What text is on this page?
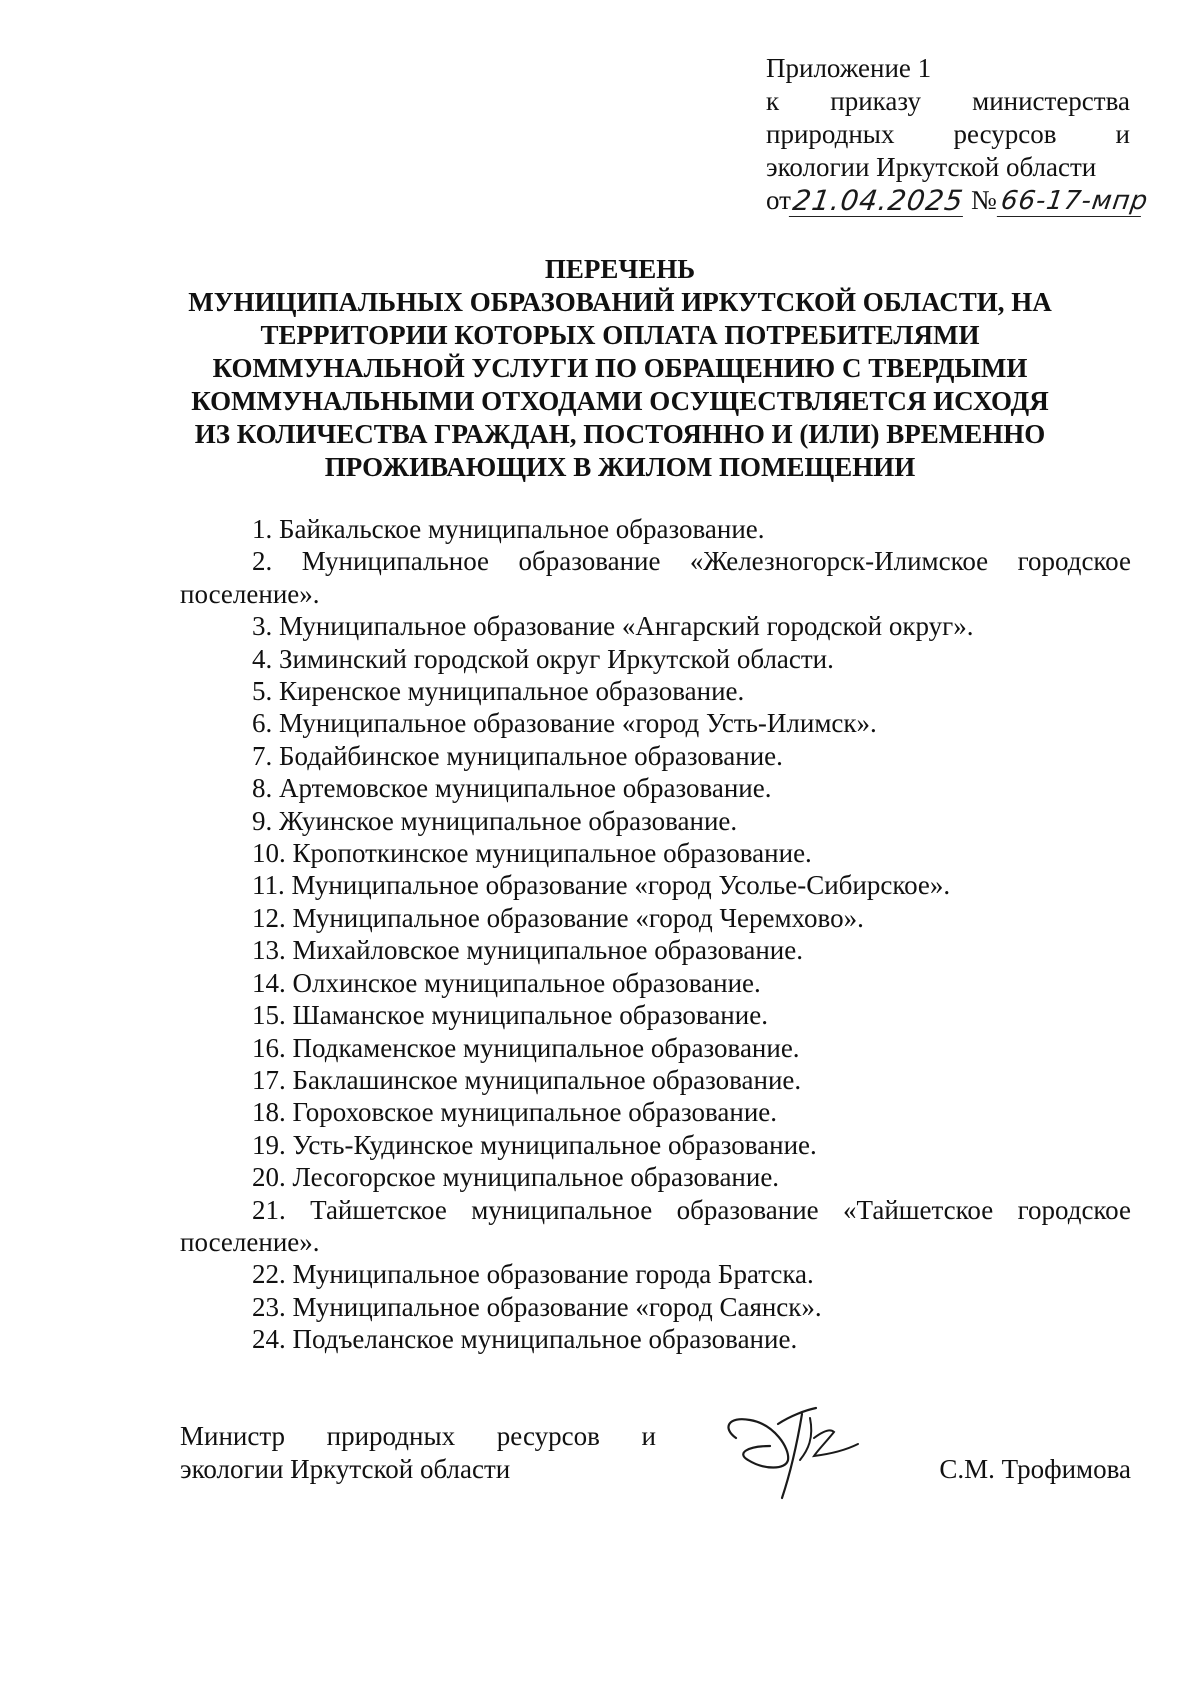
Приложение 1
к приказу министерства
природных ресурсов и
экологии Иркутской области
от 21.04.2025 № 66-17-мпр
ПЕРЕЧЕНЬ
МУНИЦИПАЛЬНЫХ ОБРАЗОВАНИЙ ИРКУТСКОЙ ОБЛАСТИ, НА
ТЕРРИТОРИИ КОТОРЫХ ОПЛАТА ПОТРЕБИТЕЛЯМИ
КОММУНАЛЬНОЙ УСЛУГИ ПО ОБРАЩЕНИЮ С ТВЕРДЫМИ
КОММУНАЛЬНЫМИ ОТХОДАМИ ОСУЩЕСТВЛЯЕТСЯ ИСХОДЯ
ИЗ КОЛИЧЕСТВА ГРАЖДАН, ПОСТОЯННО И (ИЛИ) ВРЕМЕННО
ПРОЖИВАЮЩИХ В ЖИЛОМ ПОМЕЩЕНИИ
1. Байкальское муниципальное образование.
2. Муниципальное образование «Железногорск-Илимское городское поселение».
3. Муниципальное образование «Ангарский городской округ».
4. Зиминский городской округ Иркутской области.
5. Киренское муниципальное образование.
6. Муниципальное образование «город Усть-Илимск».
7. Бодайбинское муниципальное образование.
8. Артемовское муниципальное образование.
9. Жуинское муниципальное образование.
10. Кропоткинское муниципальное образование.
11. Муниципальное образование «город Усолье-Сибирское».
12. Муниципальное образование «город Черемхово».
13. Михайловское муниципальное образование.
14. Олхинское муниципальное образование.
15. Шаманское муниципальное образование.
16. Подкаменское муниципальное образование.
17. Баклашинское муниципальное образование.
18. Гороховское муниципальное образование.
19. Усть-Кудинское муниципальное образование.
20. Лесогорское муниципальное образование.
21. Тайшетское муниципальное образование «Тайшетское городское поселение».
22. Муниципальное образование города Братска.
23. Муниципальное образование «город Саянск».
24. Подъеланское муниципальное образование.
Министр природных ресурсов и
экологии Иркутской области	С.М. Трофимова
